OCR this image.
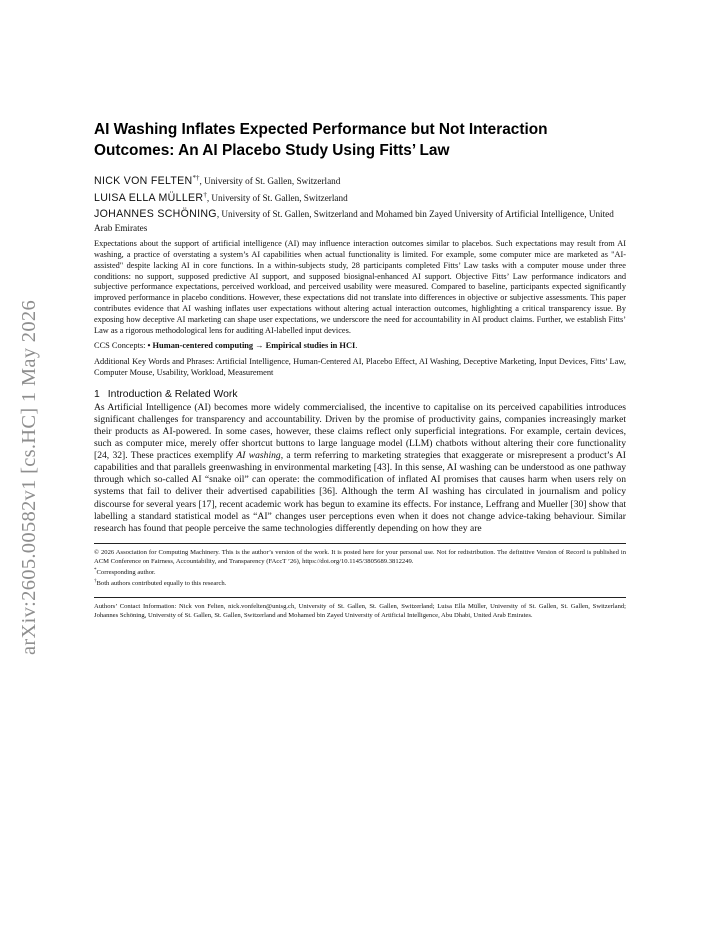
arXiv:2605.00582v1 [cs.HC] 1 May 2026
AI Washing Inflates Expected Performance but Not Interaction
Outcomes: An AI Placebo Study Using Fitts’ Law
NICK VON FELTEN*†, University of St. Gallen, Switzerland
LUISA ELLA MÜLLER†, University of St. Gallen, Switzerland
JOHANNES SCHÖNING, University of St. Gallen, Switzerland and Mohamed bin Zayed University of Artificial Intelligence, United Arab Emirates

Expectations about the support of artificial intelligence (AI) may influence interaction outcomes similar to placebos. Such expectations may result from AI washing, a practice of overstating a system’s AI capabilities when actual functionality is limited. For example, some computer mice are marketed as "AI-assisted" despite lacking AI in core functions. In a within-subjects study, 28 participants completed Fitts’ Law tasks with a computer mouse under three conditions: no support, supposed predictive AI support, and supposed biosignal-enhanced AI support. Objective Fitts’ Law performance indicators and subjective performance expectations, perceived workload, and perceived usability were measured. Compared to baseline, participants expected significantly improved performance in placebo conditions. However, these expectations did not translate into differences in objective or subjective assessments. This paper contributes evidence that AI washing inflates user expectations without altering actual interaction outcomes, highlighting a critical transparency issue. By exposing how deceptive AI marketing can shape user expectations, we underscore the need for accountability in AI product claims. Further, we establish Fitts’ Law as a rigorous methodological lens for auditing AI-labelled input devices.

CCS Concepts: • Human-centered computing → Empirical studies in HCI.

Additional Key Words and Phrases: Artificial Intelligence, Human-Centered AI, Placebo Effect, AI Washing, Deceptive Marketing, Input Devices, Fitts’ Law, Computer Mouse, Usability, Workload, Measurement

1 Introduction & Related Work

As Artificial Intelligence (AI) becomes more widely commercialised, the incentive to capitalise on its perceived capabilities introduces significant challenges for transparency and accountability. Driven by the promise of productivity gains, companies increasingly market their products as AI-powered. In some cases, however, these claims reflect only superficial integrations. For example, certain devices, such as computer mice, merely offer shortcut buttons to large language model (LLM) chatbots without altering their core functionality [24, 32]. These practices exemplify AI washing, a term referring to marketing strategies that exaggerate or misrepresent a product’s AI capabilities and that parallels greenwashing in environmental marketing [43]. In this sense, AI washing can be understood as one pathway through which so-called AI “snake oil” can operate: the commodification of inflated AI promises that causes harm when users rely on systems that fail to deliver their advertised capabilities [36]. Although the term AI washing has circulated in journalism and policy discourse for several years [17], recent academic work has begun to examine its effects. For instance, Leffrang and Mueller [30] show that labelling a standard statistical model as “AI” changes user perceptions even when it does not change advice-taking behaviour. Similar research has found that people perceive the same technologies differently depending on how they are

© 2026 Association for Computing Machinery. This is the author’s version of the work. It is posted here for your personal use. Not for redistribution. The definitive Version of Record is published in ACM Conference on Fairness, Accountability, and Transparency (FAccT ’26), https://doi.org/10.1145/3805689.3812249.

*Corresponding author.
†Both authors contributed equally to this research.

Authors’ Contact Information: Nick von Felten, nick.vonfelten@unisg.ch, University of St. Gallen, St. Gallen, Switzerland; Luisa Ella Müller, University of St. Gallen, St. Gallen, Switzerland; Johannes Schöning, University of St. Gallen, St. Gallen, Switzerland and Mohamed bin Zayed University of Artificial Intelligence, Abu Dhabi, United Arab Emirates.
